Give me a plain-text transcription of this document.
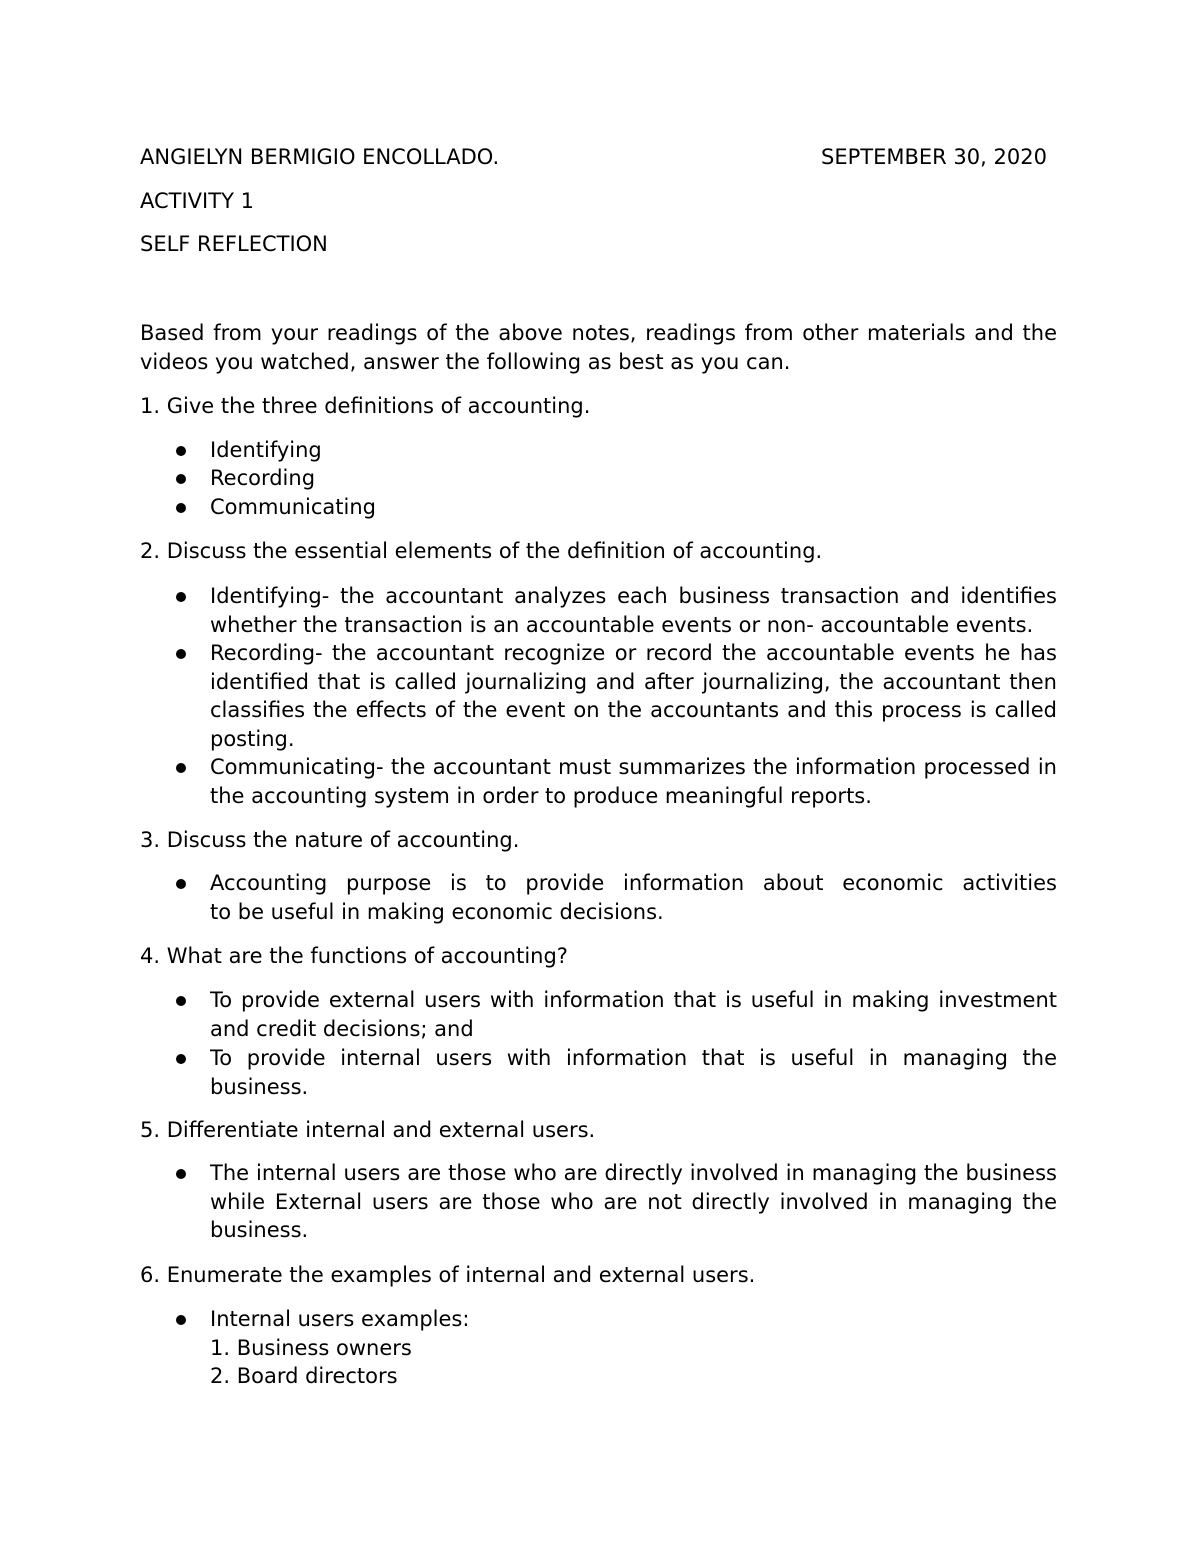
ANGIELYN BERMIGIO ENCOLLADO.	SEPTEMBER 30, 2020

ACTIVITY 1

SELF REFLECTION

Based from your readings of the above notes, readings from other materials and the

videos you watched, answer the following as best as you can.

1. Give the three definitions of accounting.

Identifying

Recording

Communicating

2. Discuss the essential elements of the definition of accounting.

Identifying- the accountant analyzes each business transaction and identifies
whether the transaction is an accountable events or non- accountable events.
Recording- the accountant recognize or record the accountable events he has
identified that is called journalizing and after journalizing, the accountant then
classifies the effects of the event on the accountants and this process is called
posting.
Communicating- the accountant must summarizes the information processed in
the accounting system in order to produce meaningful reports.

3. Discuss the nature of accounting.

Accounting purpose is to provide information about economic activities
to be useful in making economic decisions.

4. What are the functions of accounting?

To provide external users with information that is useful in making investment
and credit decisions; and
To provide internal users with information that is useful in managing the
business.

5. Differentiate internal and external users.

The internal users are those who are directly involved in managing the business
while External users are those who are not directly involved in managing the
business.

6. Enumerate the examples of internal and external users.

Internal users examples:

1. Business owners

2. Board directors
